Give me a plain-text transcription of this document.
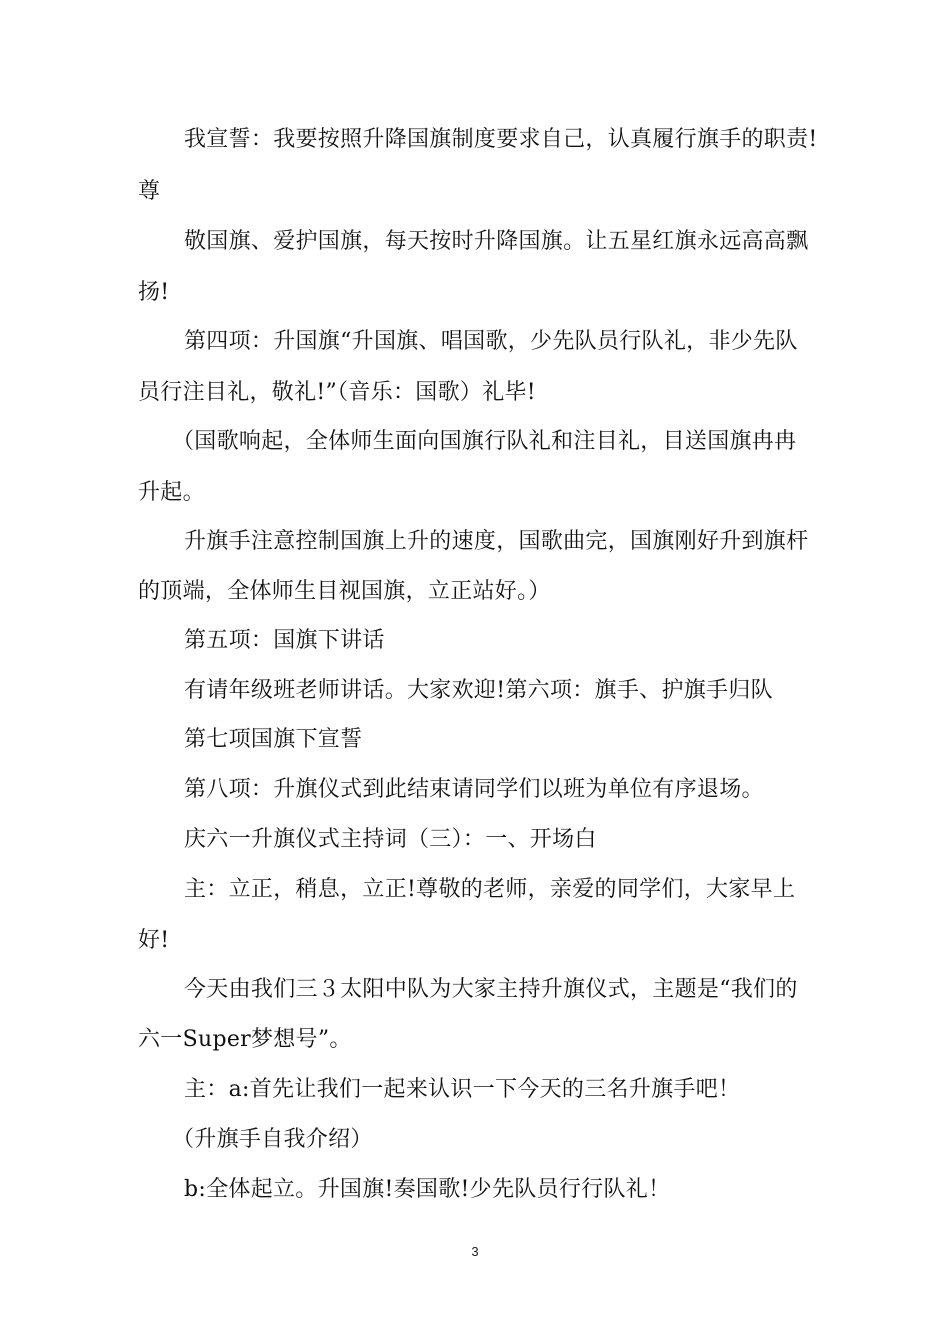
我宣誓：我要按照升降国旗制度要求自己，认真履行旗手的职责!
尊
敬国旗、爱护国旗，每天按时升降国旗。让五星红旗永远高高飘
扬!
第四项：升国旗“升国旗、唱国歌，少先队员行队礼，非少先队
员行注目礼，敬礼!”（音乐：国歌）礼毕!
（国歌响起，全体师生面向国旗行队礼和注目礼，目送国旗冉冉
升起。
升旗手注意控制国旗上升的速度，国歌曲完，国旗刚好升到旗杆
的顶端，全体师生目视国旗，立正站好。）
第五项：国旗下讲话
有请年级班老师讲话。大家欢迎!第六项：旗手、护旗手归队
第七项国旗下宣誓
第八项：升旗仪式到此结束请同学们以班为单位有序退场。
庆六一升旗仪式主持词（三）：一、开场白
主：立正，稍息，立正!尊敬的老师，亲爱的同学们，大家早上
好!
今天由我们三３太阳中队为大家主持升旗仪式，主题是“我们的
六一Super梦想号”。
主：a:首先让我们一起来认识一下今天的三名升旗手吧！
（升旗手自我介绍）
b:全体起立。升国旗!奏国歌!少先队员行行队礼！
3
